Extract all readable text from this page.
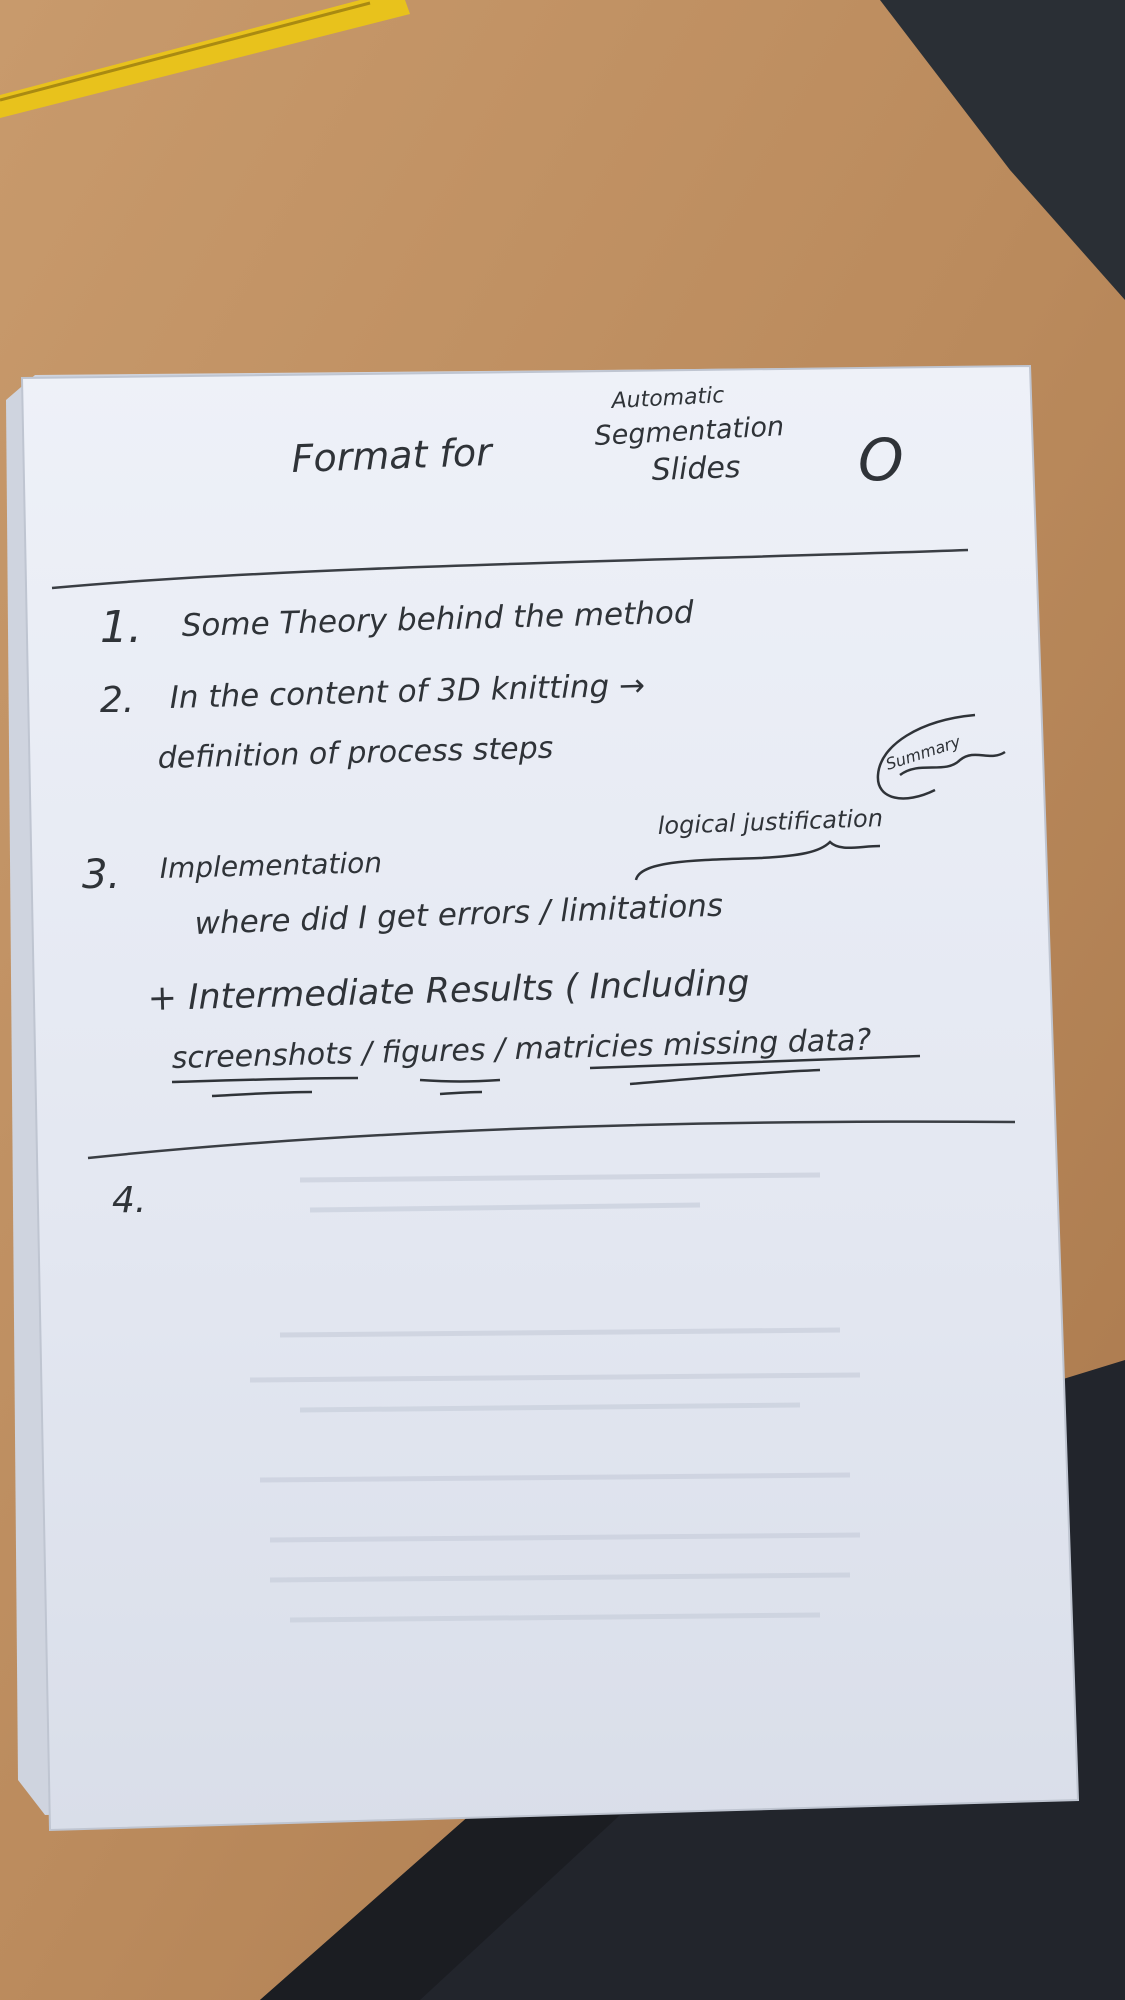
Format for
Automatic
Segmentation
Slides O
1. Some Theory behind the method
2. In the content of 3D knitting →
definition of process steps
logical justification
Summary
3. Implementation
where did I get errors / limitations
+ Intermediate Results ( Including
screenshots / figures / matricies missing data?
4.
